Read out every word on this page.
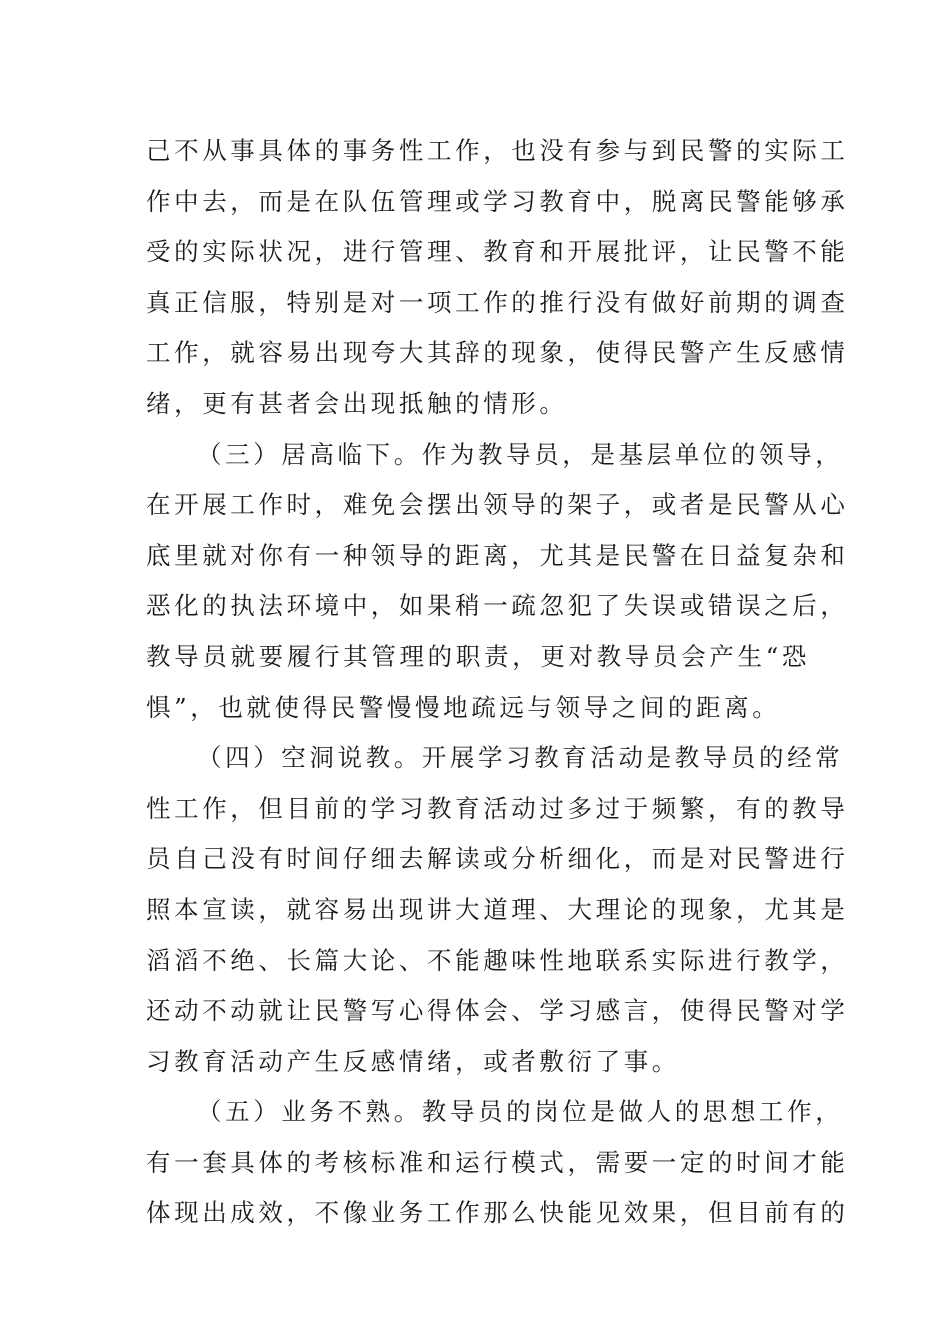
己不从事具体的事务性工作，也没有参与到民警的实际工
作中去，而是在队伍管理或学习教育中，脱离民警能够承
受的实际状况，进行管理、教育和开展批评，让民警不能
真正信服，特别是对一项工作的推行没有做好前期的调查
工作，就容易出现夸大其辞的现象，使得民警产生反感情
绪，更有甚者会出现抵触的情形。
（三）居高临下。作为教导员，是基层单位的领导，
在开展工作时，难免会摆出领导的架子，或者是民警从心
底里就对你有一种领导的距离，尤其是民警在日益复杂和
恶化的执法环境中，如果稍一疏忽犯了失误或错误之后，
教导员就要履行其管理的职责，更对教导员会产生“恐
惧”，也就使得民警慢慢地疏远与领导之间的距离。
（四）空洞说教。开展学习教育活动是教导员的经常
性工作，但目前的学习教育活动过多过于频繁，有的教导
员自己没有时间仔细去解读或分析细化，而是对民警进行
照本宣读，就容易出现讲大道理、大理论的现象，尤其是
滔滔不绝、长篇大论、不能趣味性地联系实际进行教学，
还动不动就让民警写心得体会、学习感言，使得民警对学
习教育活动产生反感情绪，或者敷衍了事。
（五）业务不熟。教导员的岗位是做人的思想工作，
有一套具体的考核标准和运行模式，需要一定的时间才能
体现出成效，不像业务工作那么快能见效果，但目前有的
